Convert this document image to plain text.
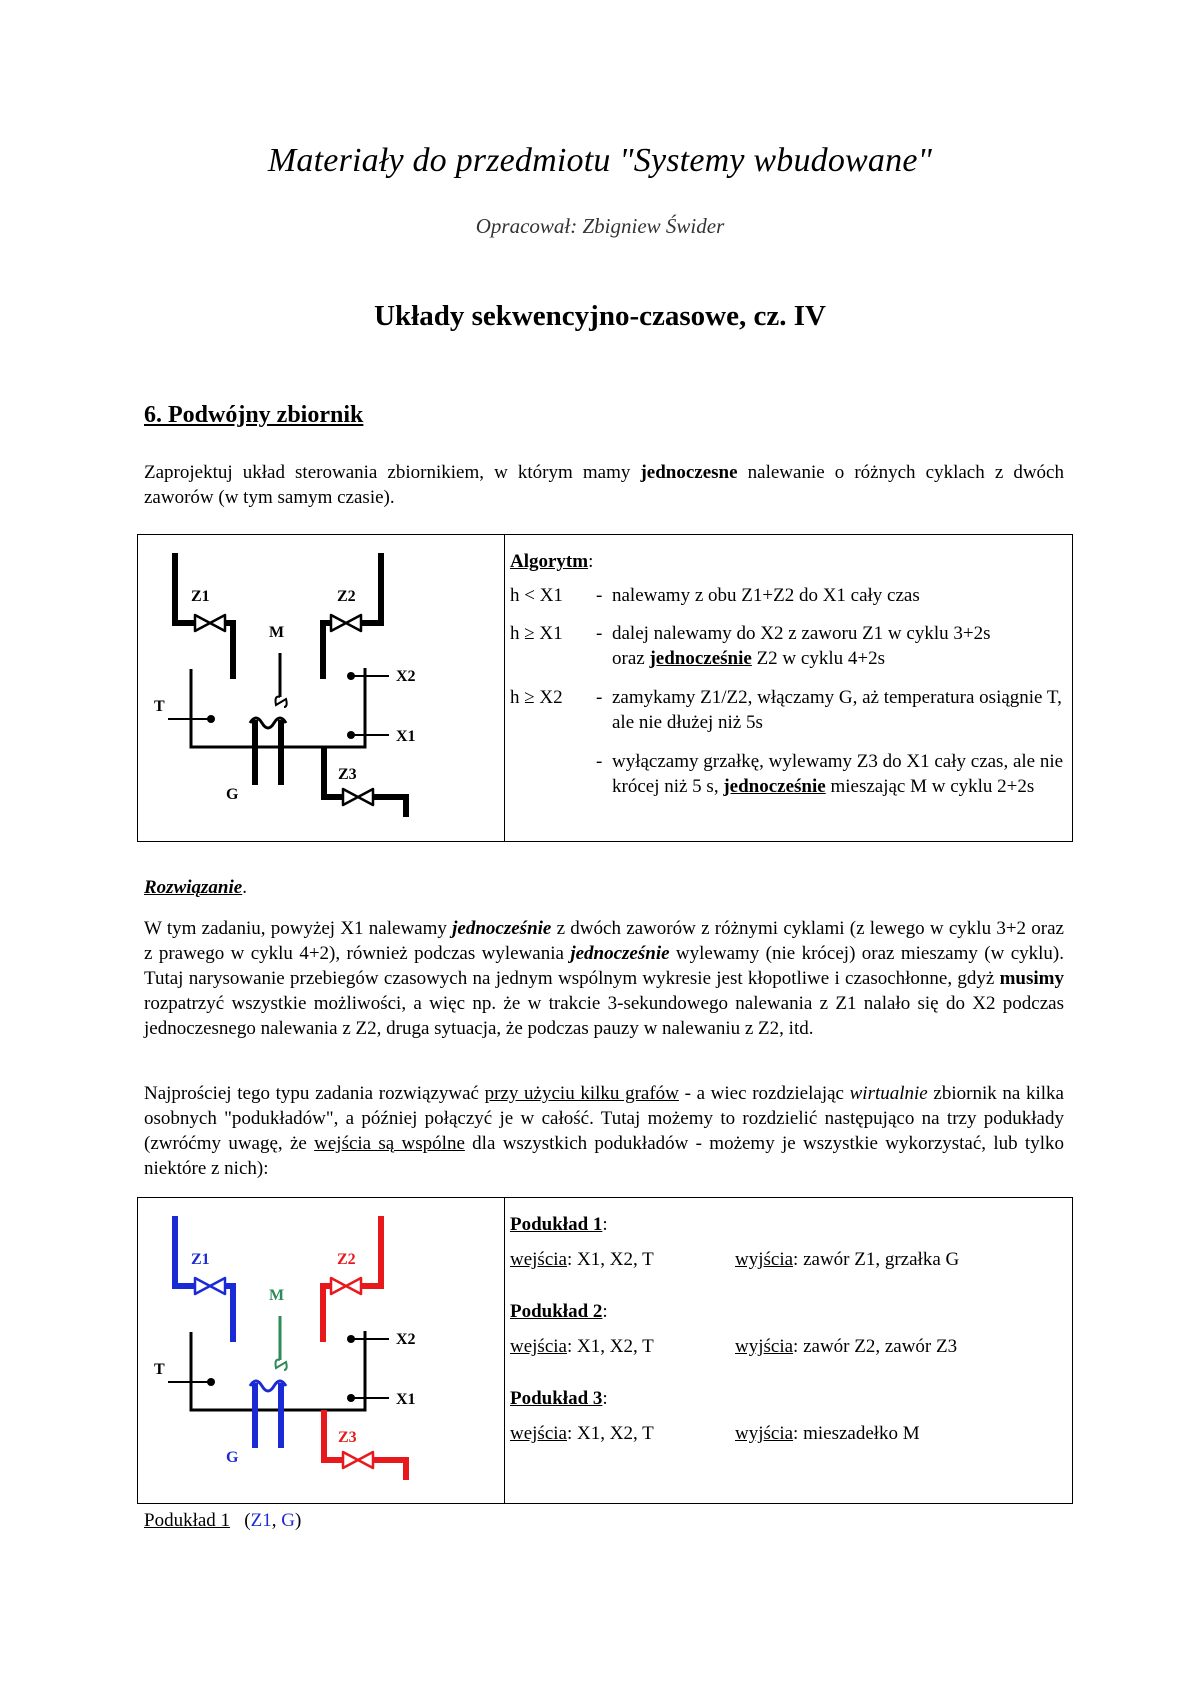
Materiały do przedmiotu "Systemy wbudowane"
Opracował: Zbigniew Świder
Układy sekwencyjno-czasowe, cz. IV
6. Podwójny zbiornik
Zaprojektuj układ sterowania zbiornikiem, w którym mamy jednoczesne nalewanie o różnych cyklach z dwóch zaworów (w tym samym czasie).
Z1	Z2
Z3
M
T
G
X2
X1
Algorytm:
h < X1	- nalewamy z obu Z1+Z2 do X1 cały czas
h ≥ X1	- dalej nalewamy do X2 z zaworu Z1 w cyklu 3+2s
oraz jednocześnie Z2 w cyklu 4+2s
h ≥ X2	- zamykamy Z1/Z2, włączamy G, aż temperatura osiągnie T, ale nie dłużej niż 5s
- wyłączamy grzałkę, wylewamy Z3 do X1 cały czas, ale nie krócej niż 5 s, jednocześnie mieszając M w cyklu 2+2s
Rozwiązanie.
W tym zadaniu, powyżej X1 nalewamy jednocześnie z dwóch zaworów z różnymi cyklami (z lewego w cyklu 3+2 oraz z prawego w cyklu 4+2), również podczas wylewania jednocześnie wylewamy (nie krócej) oraz mieszamy (w cyklu). Tutaj narysowanie przebiegów czasowych na jednym wspólnym wykresie jest kłopotliwe i czasochłonne, gdyż musimy rozpatrzyć wszystkie możliwości, a więc np. że w trakcie 3-sekundowego nalewania z Z1 nalało się do X2 podczas jednoczesnego nalewania z Z2, druga sytuacja, że podczas pauzy w nalewaniu z Z2, itd.
Najprościej tego typu zadania rozwiązywać przy użyciu kilku grafów - a wiec rozdzielając wirtualnie zbiornik na kilka osobnych "podukładów", a później połączyć je w całość. Tutaj możemy to rozdzielić następująco na trzy podukłady (zwróćmy uwagę, że wejścia są wspólne dla wszystkich podukładów - możemy je wszystkie wykorzystać, lub tylko niektóre z nich):
Z1	Z2
Z3
M
T
G
X2
X1
Podukład 1:
wejścia: X1, X2, T	wyjścia: zawór Z1, grzałka G
Podukład 2:
wejścia: X1, X2, T	wyjścia: zawór Z2, zawór Z3
Podukład 3:
wejścia: X1, X2, T	wyjścia: mieszadełko M
Podukład 1 (Z1, G)
